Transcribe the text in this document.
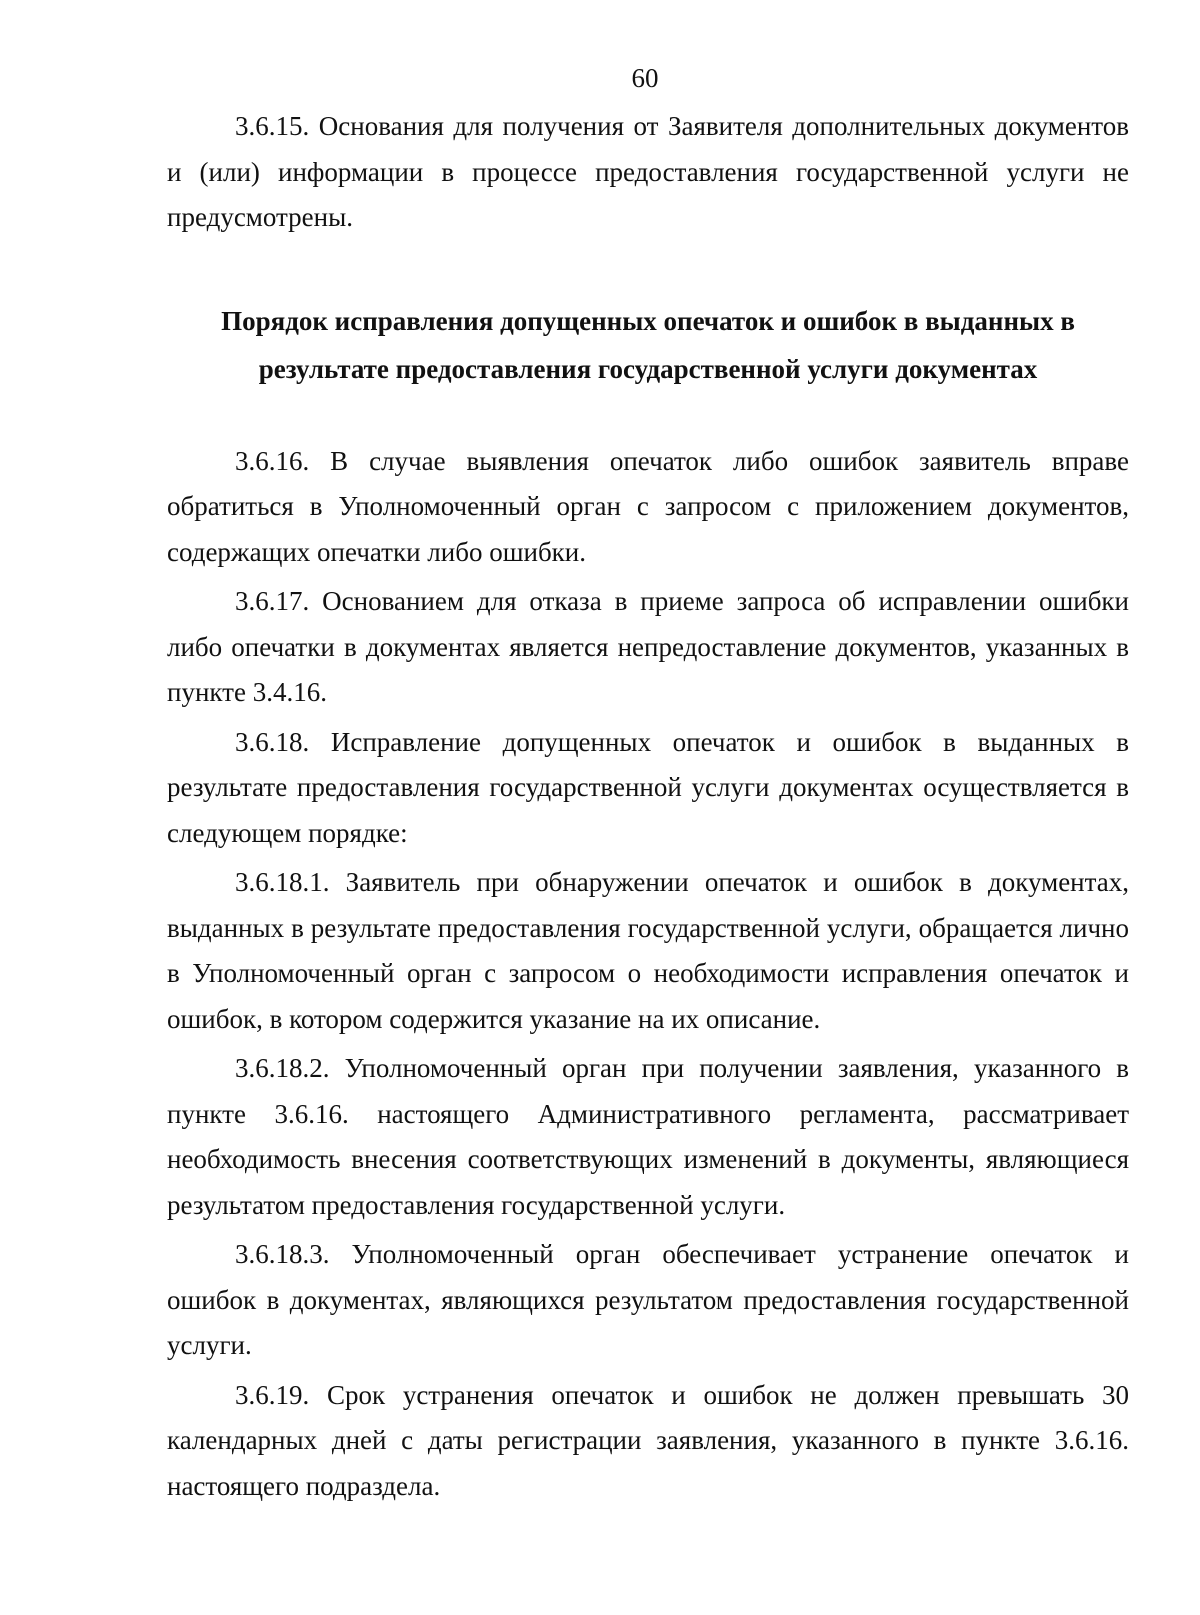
60

3.6.15. Основания для получения от Заявителя дополнительных документов и (или) информации в процессе предоставления государственной услуги не предусмотрены.

Порядок исправления допущенных опечаток и ошибок в выданных в
результате предоставления государственной услуги документах

3.6.16. В случае выявления опечаток либо ошибок заявитель вправе обратиться в Уполномоченный орган с запросом с приложением документов, содержащих опечатки либо ошибки.

3.6.17. Основанием для отказа в приеме запроса об исправлении ошибки либо опечатки в документах является непредоставление документов, указанных в пункте 3.4.16.

3.6.18. Исправление допущенных опечаток и ошибок в выданных в результате предоставления государственной услуги документах осуществляется в следующем порядке:

3.6.18.1. Заявитель при обнаружении опечаток и ошибок в документах, выданных в результате предоставления государственной услуги, обращается лично в Уполномоченный орган с запросом о необходимости исправления опечаток и ошибок, в котором содержится указание на их описание.

3.6.18.2. Уполномоченный орган при получении заявления, указанного в пункте 3.6.16. настоящего Административного регламента, рассматривает необходимость внесения соответствующих изменений в документы, являющиеся результатом предоставления государственной услуги.

3.6.18.3. Уполномоченный орган обеспечивает устранение опечаток и ошибок в документах, являющихся результатом предоставления государственной услуги.

3.6.19. Срок устранения опечаток и ошибок не должен превышать 30 календарных дней с даты регистрации заявления, указанного в пункте 3.6.16. настоящего подраздела.
